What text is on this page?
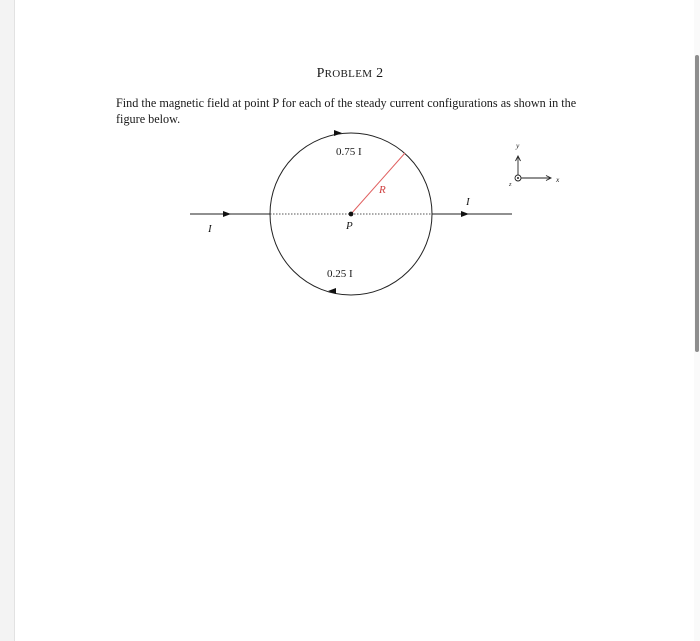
PROBLEM 2
Find the magnetic field at point P for each of the steady current configurations as shown in the figure below.
0.75 I
0.25 I
R
P
I
I
y
x
z
